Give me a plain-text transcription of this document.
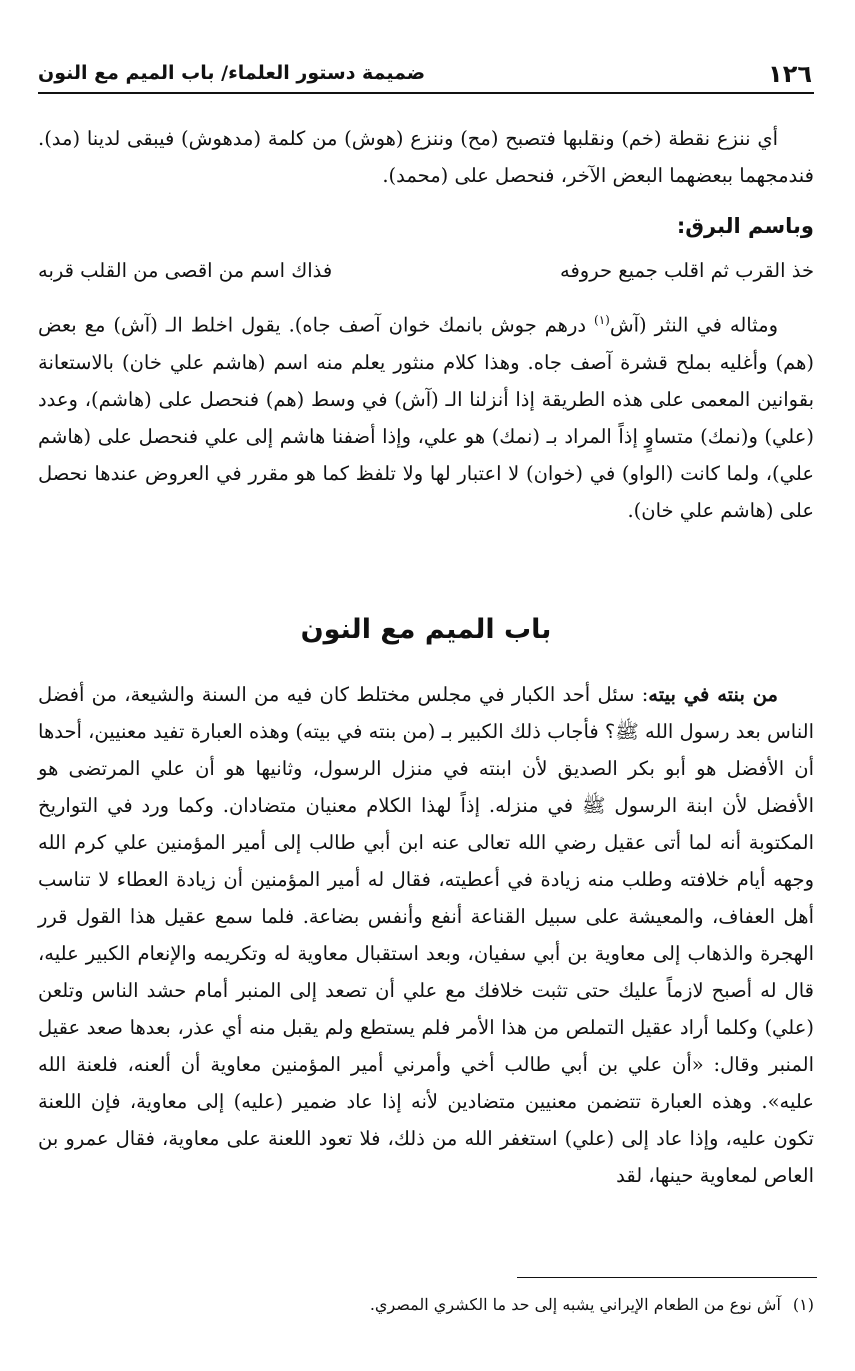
١٢٦
ضميمة دستور العلماء/ باب الميم مع النون

أي ننزع نقطة (خم) ونقلبها فتصبح (مح) وننزع (هوش) من كلمة (مدهوش) فيبقى لدينا (مد). فندمجهما ببعضهما البعض الآخر، فنحصل على (محمد).

وباسم البرق:
خذ القرب ثم اقلب جميع حروفه
فذاك اسم من اقصى من القلب قربه

ومثاله في النثر (آش$^{(١)}$ درهم جوش بانمك خوان آصف جاه). يقول اخلط الـ (آش) مع بعض (هم) وأغليه بملح قشرة آصف جاه. وهذا كلام منثور يعلم منه اسم (هاشم علي خان) بالاستعانة بقوانين المعمى على هذه الطريقة إذا أنزلنا الـ (آش) في وسط (هم) فنحصل على (هاشم)، وعدد (علي) و(نمك) متساوٍ إذاً المراد بـ (نمك) هو علي، وإذا أضفنا هاشم إلى علي فنحصل على (هاشم علي)، ولما كانت (الواو) في (خوان) لا اعتبار لها ولا تلفظ كما هو مقرر في العروض عندها نحصل على (هاشم علي خان).

باب الميم مع النون

من بنته في بيته: سئل أحد الكبار في مجلس مختلط كان فيه من السنة والشيعة، من أفضل الناس بعد رسول الله ﷺ؟ فأجاب ذلك الكبير بـ (من بنته في بيته) وهذه العبارة تفيد معنيين، أحدها أن الأفضل هو أبو بكر الصديق لأن ابنته في منزل الرسول، وثانيها هو أن علي المرتضى هو الأفضل لأن ابنة الرسول ﷺ في منزله. إذاً لهذا الكلام معنيان متضادان. وكما ورد في التواريخ المكتوبة أنه لما أتى عقيل رضي الله تعالى عنه ابن أبي طالب إلى أمير المؤمنين علي كرم الله وجهه أيام خلافته وطلب منه زيادة في أعطيته، فقال له أمير المؤمنين أن زيادة العطاء لا تناسب أهل العفاف، والمعيشة على سبيل القناعة أنفع وأنفس بضاعة. فلما سمع عقيل هذا القول قرر الهجرة والذهاب إلى معاوية بن أبي سفيان، وبعد استقبال معاوية له وتكريمه والإنعام الكبير عليه، قال له أصبح لازماً عليك حتى تثبت خلافك مع علي أن تصعد إلى المنبر أمام حشد الناس وتلعن (علي) وكلما أراد عقيل التملص من هذا الأمر فلم يستطع ولم يقبل منه أي عذر، بعدها صعد عقيل المنبر وقال: «أن علي بن أبي طالب أخي وأمرني أمير المؤمنين معاوية أن ألعنه، فلعنة الله عليه». وهذه العبارة تتضمن معنيين متضادين لأنه إذا عاد ضمير (عليه) إلى معاوية، فإن اللعنة تكون عليه، وإذا عاد إلى (علي) استغفر الله من ذلك، فلا تعود اللعنة على معاوية، فقال عمرو بن العاص لمعاوية حينها، لقد

(١)آش نوع من الطعام الإيراني يشبه إلى حد ما الكشري المصري.
